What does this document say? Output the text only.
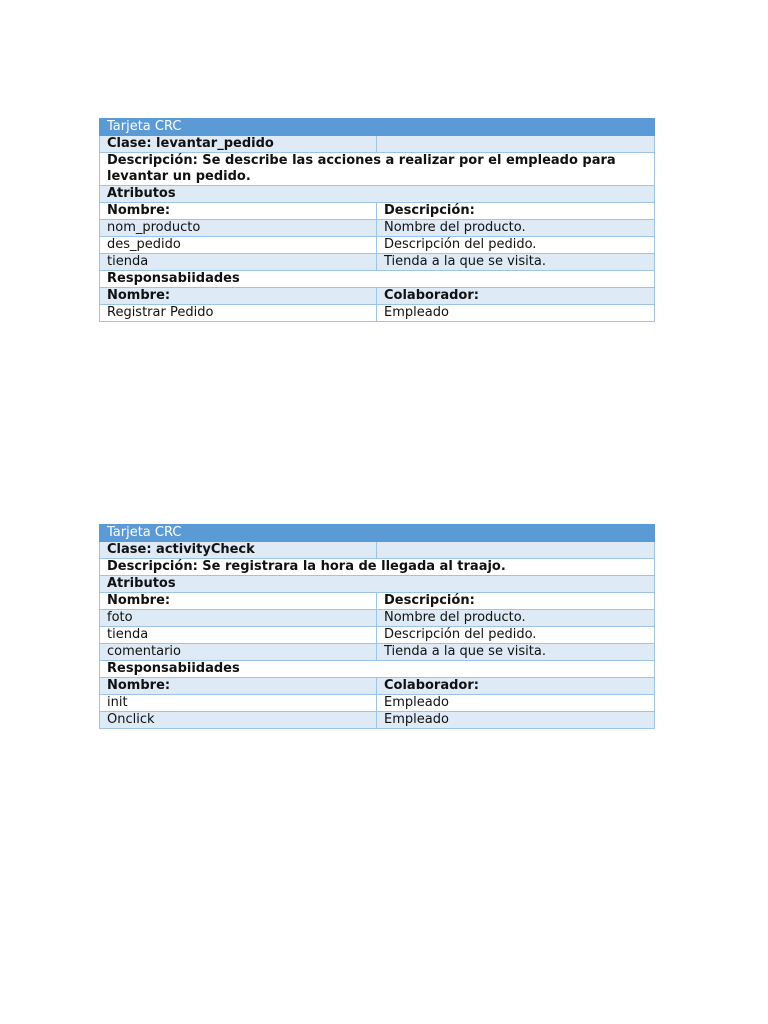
Tarjeta CRC	
Clase: levantar_pedido	
Descripción: Se describe las acciones a realizar por el empleado para levantar un pedido.	
Atributos	
Nombre:	Descripción:
nom_producto	Nombre del producto.
des_pedido	Descripción del pedido.
tienda	Tienda a la que se visita.
Responsabiidades	
Nombre:	Colaborador:
Registrar Pedido	Empleado
Tarjeta CRC	
Clase: activityCheck	
Descripción: Se registrara la hora de llegada al traajo.	
Atributos	
Nombre:	Descripción:
foto	Nombre del producto.
tienda	Descripción del pedido.
comentario	Tienda a la que se visita.
Responsabiidades	
Nombre:	Colaborador:
init	Empleado
Onclick	Empleado
